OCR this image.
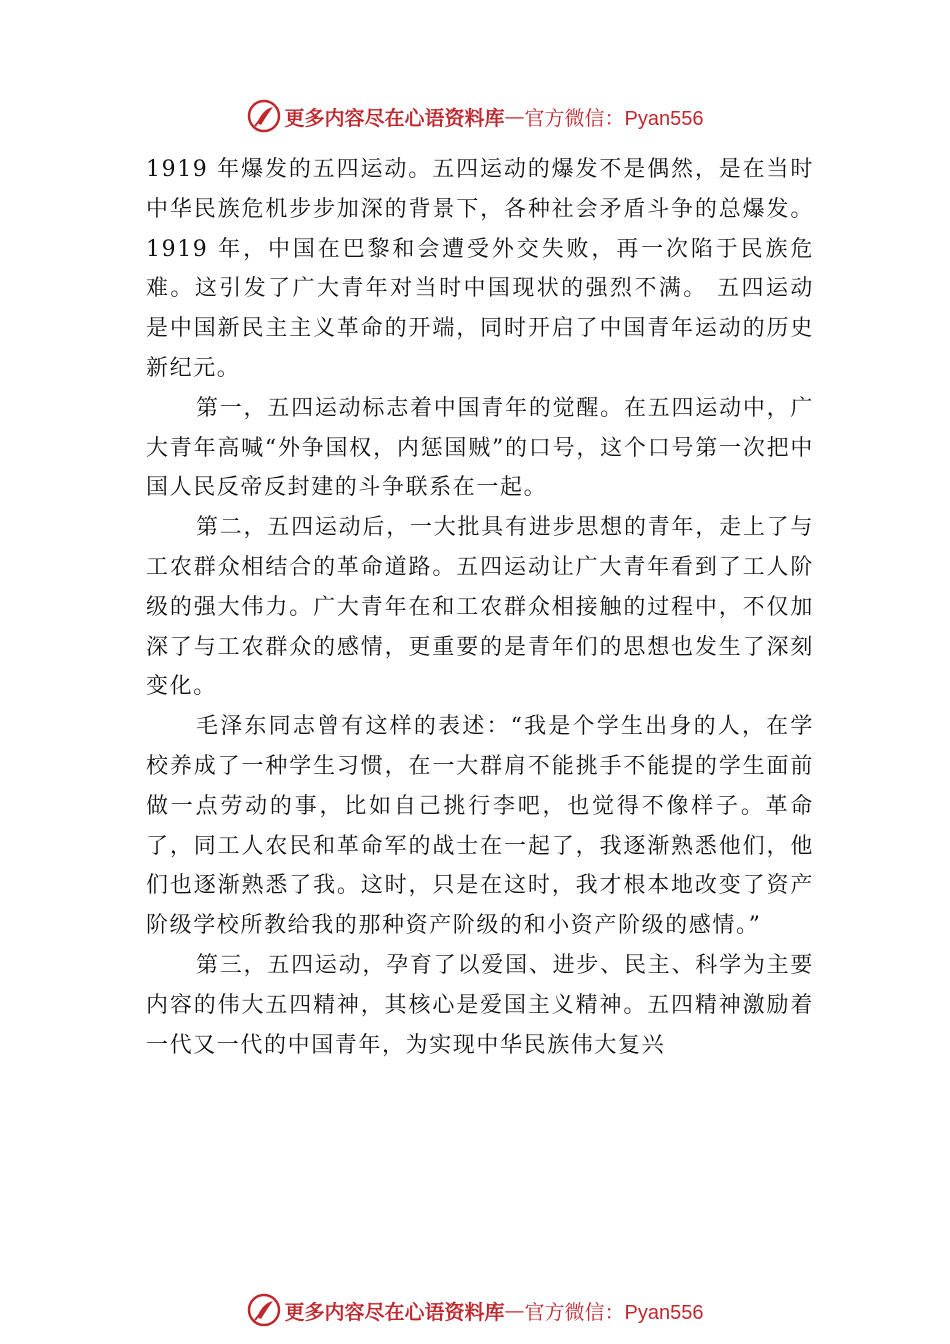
更多内容尽在心语资料库 — 官方微信：Pyan556

1919 年爆发的五四运动。五四运动的爆发不是偶然，是在当时中华民族危机步步加深的背景下，各种社会矛盾斗争的总爆发。1919 年，中国在巴黎和会遭受外交失败，再一次陷于民族危难。这引发了广大青年对当时中国现状的强烈不满。 五四运动是中国新民主主义革命的开端，同时开启了中国青年运动的历史新纪元。

第一，五四运动标志着中国青年的觉醒。在五四运动中，广大青年高喊“外争国权，内惩国贼”的口号，这个口号第一次把中国人民反帝反封建的斗争联系在一起。

第二，五四运动后，一大批具有进步思想的青年，走上了与工农群众相结合的革命道路。五四运动让广大青年看到了工人阶级的强大伟力。广大青年在和工农群众相接触的过程中，不仅加深了与工农群众的感情，更重要的是青年们的思想也发生了深刻变化。

毛泽东同志曾有这样的表述：“我是个学生出身的人，在学校养成了一种学生习惯，在一大群肩不能挑手不能提的学生面前做一点劳动的事，比如自己挑行李吧，也觉得不像样子。革命了，同工人农民和革命军的战士在一起了，我逐渐熟悉他们，他们也逐渐熟悉了我。这时，只是在这时，我才根本地改变了资产阶级学校所教给我的那种资产阶级的和小资产阶级的感情。”

第三，五四运动，孕育了以爱国、进步、民主、科学为主要内容的伟大五四精神，其核心是爱国主义精神。五四精神激励着一代又一代的中国青年，为实现中华民族伟大复兴

更多内容尽在心语资料库 — 官方微信：Pyan556
